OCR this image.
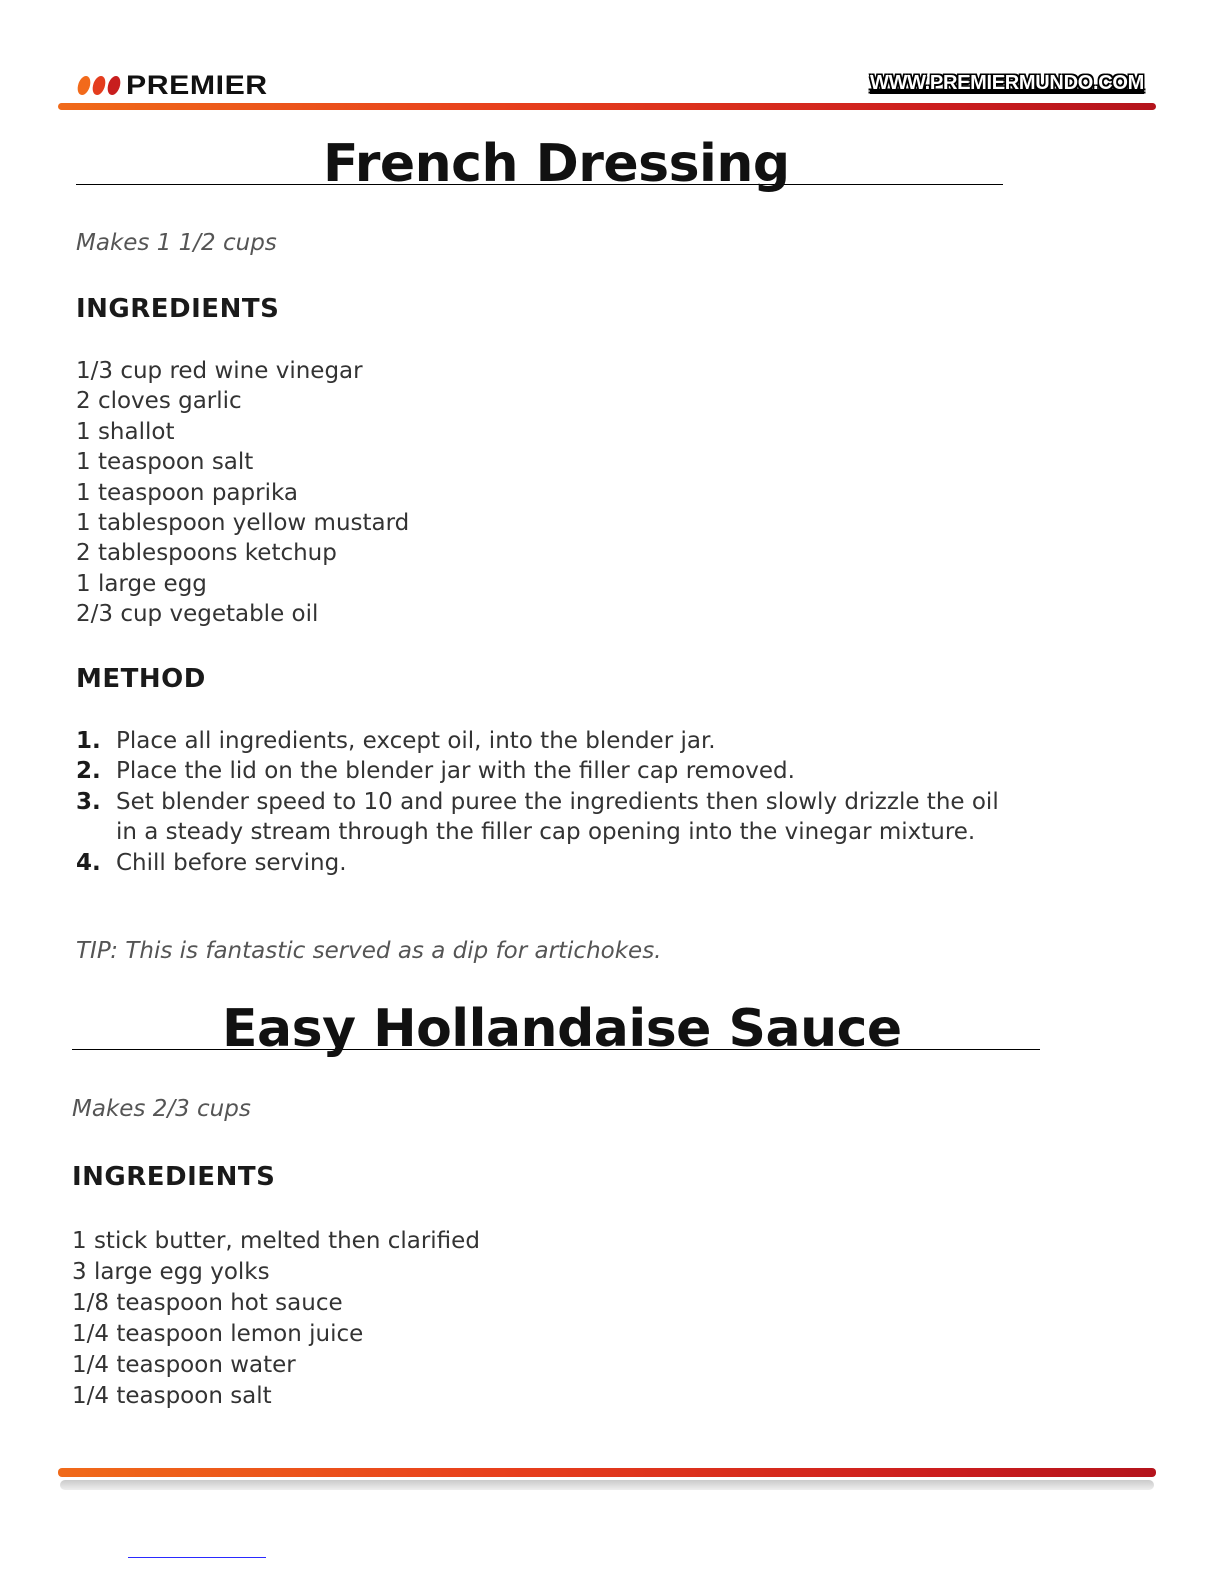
PREMIER	WWW.PREMIERMUNDO.COM
French Dressing
Makes 1 1/2 cups
INGREDIENTS
1/3 cup red wine vinegar
2 cloves garlic
1 shallot
1 teaspoon salt
1 teaspoon paprika
1 tablespoon yellow mustard
2 tablespoons ketchup
1 large egg
2/3 cup vegetable oil
METHOD
1. Place all ingredients, except oil, into the blender jar.
2. Place the lid on the blender jar with the filler cap removed.
3. Set blender speed to 10 and puree the ingredients then slowly drizzle the oil in a steady stream through the filler cap opening into the vinegar mixture.
4. Chill before serving.
TIP: This is fantastic served as a dip for artichokes.
Easy Hollandaise Sauce
Makes 2/3 cups
INGREDIENTS
1 stick butter, melted then clarified
3 large egg yolks
1/8 teaspoon hot sauce
1/4 teaspoon lemon juice
1/4 teaspoon water
1/4 teaspoon salt
